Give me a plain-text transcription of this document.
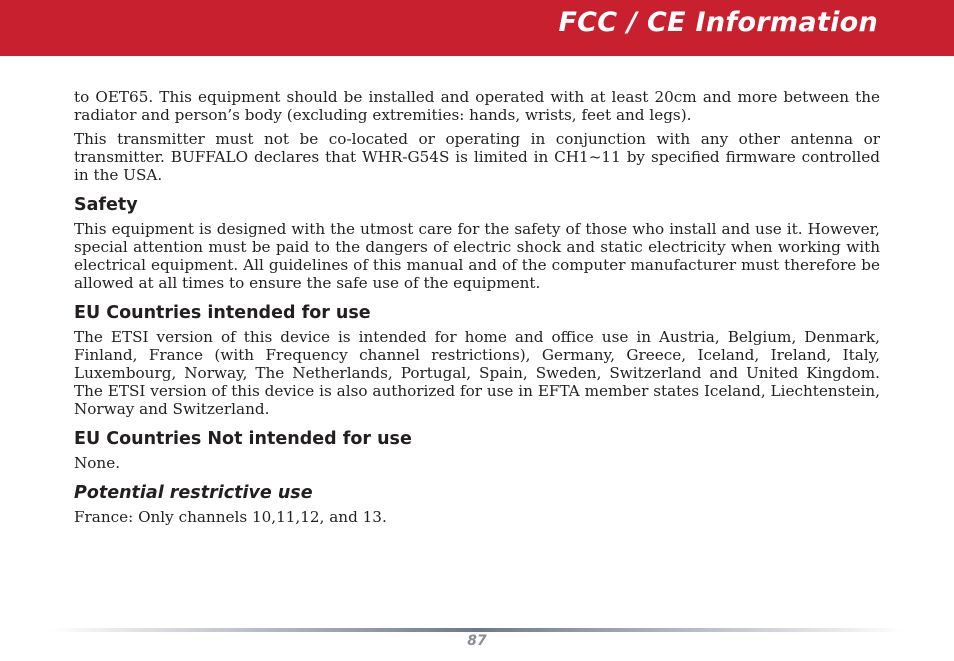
FCC / CE Information

to OET65. This equipment should be installed and operated with at least 20cm and more between the radiator and person’s body (excluding extremities: hands, wrists, feet and legs).

This transmitter must not be co-located or operating in conjunction with any other antenna or transmitter. BUFFALO declares that WHR-G54S is limited in CH1~11 by specified firmware controlled in the USA.

Safety

This equipment is designed with the utmost care for the safety of those who install and use it. However, special attention must be paid to the dangers of electric shock and static electricity when working with electrical equipment. All guidelines of this manual and of the computer manufacturer must therefore be allowed at all times to ensure the safe use of the equipment.

EU Countries intended for use

The ETSI version of this device is intended for home and office use in Austria, Belgium, Denmark, Finland, France (with Frequency channel restrictions), Germany, Greece, Iceland, Ireland, Italy, Luxembourg, Norway, The Netherlands, Portugal, Spain, Sweden, Switzerland and United Kingdom. The ETSI version of this device is also authorized for use in EFTA member states Iceland, Liechtenstein, Norway and Switzerland.

EU Countries Not intended for use

None.

Potential restrictive use

France: Only channels 10,11,12, and 13.

87
